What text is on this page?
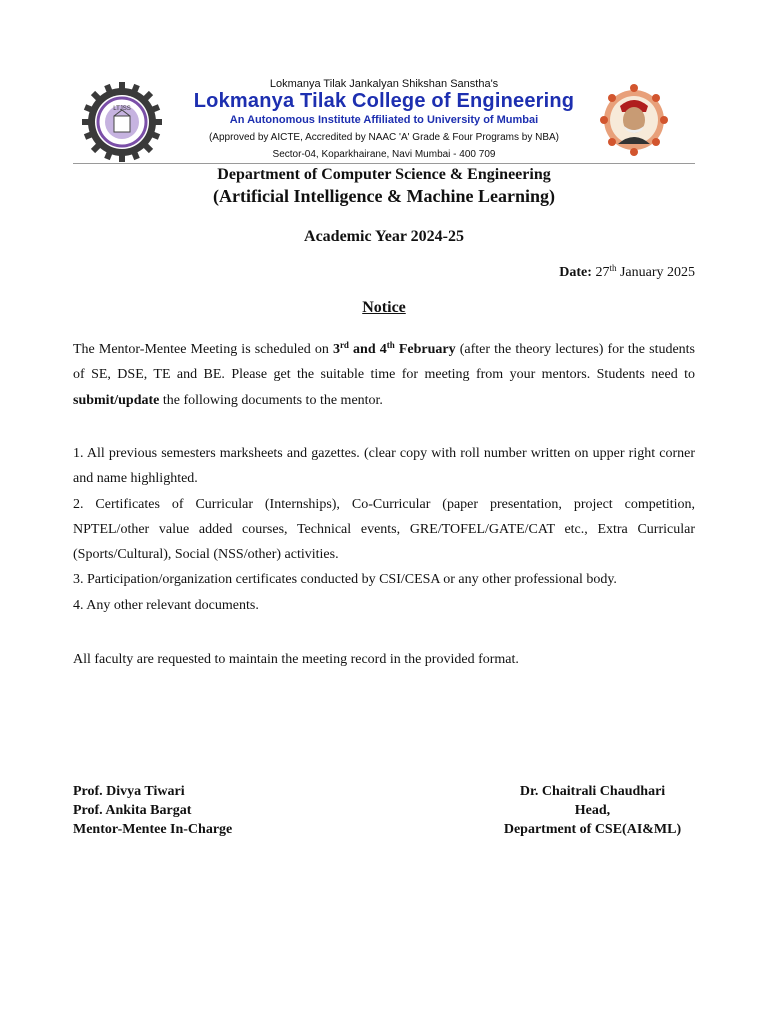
LTJSS
Lokmanya Tilak Jankalyan Shikshan Sanstha's
Lokmanya Tilak College of Engineering
An Autonomous Institute Affiliated to University of Mumbai
(Approved by AICTE, Accredited by NAAC 'A' Grade & Four Programs by NBA)
Sector-04, Koparkhairane, Navi Mumbai - 400 709
Department of Computer Science & Engineering
(Artificial Intelligence & Machine Learning)
Academic Year 2024-25
Date: 27th January 2025
Notice
The Mentor-Mentee Meeting is scheduled on 3rd and 4th February (after the theory lectures) for the students of SE, DSE, TE and BE. Please get the suitable time for meeting from your mentors. Students need to submit/update the following documents to the mentor.

1. All previous semesters marksheets and gazettes. (clear copy with roll number written on upper right corner and name highlighted.

2. Certificates of Curricular (Internships), Co-Curricular (paper presentation, project competition, NPTEL/other value added courses, Technical events, GRE/TOFEL/GATE/CAT etc., Extra Curricular (Sports/Cultural), Social (NSS/other) activities.

3. Participation/organization certificates conducted by CSI/CESA or any other professional body.

4. Any other relevant documents.

All faculty are requested to maintain the meeting record in the provided format.
Prof. Divya Tiwari
Prof. Ankita Bargat
Mentor-Mentee In-Charge
Dr. Chaitrali Chaudhari
Head,
Department of CSE(AI&ML)
